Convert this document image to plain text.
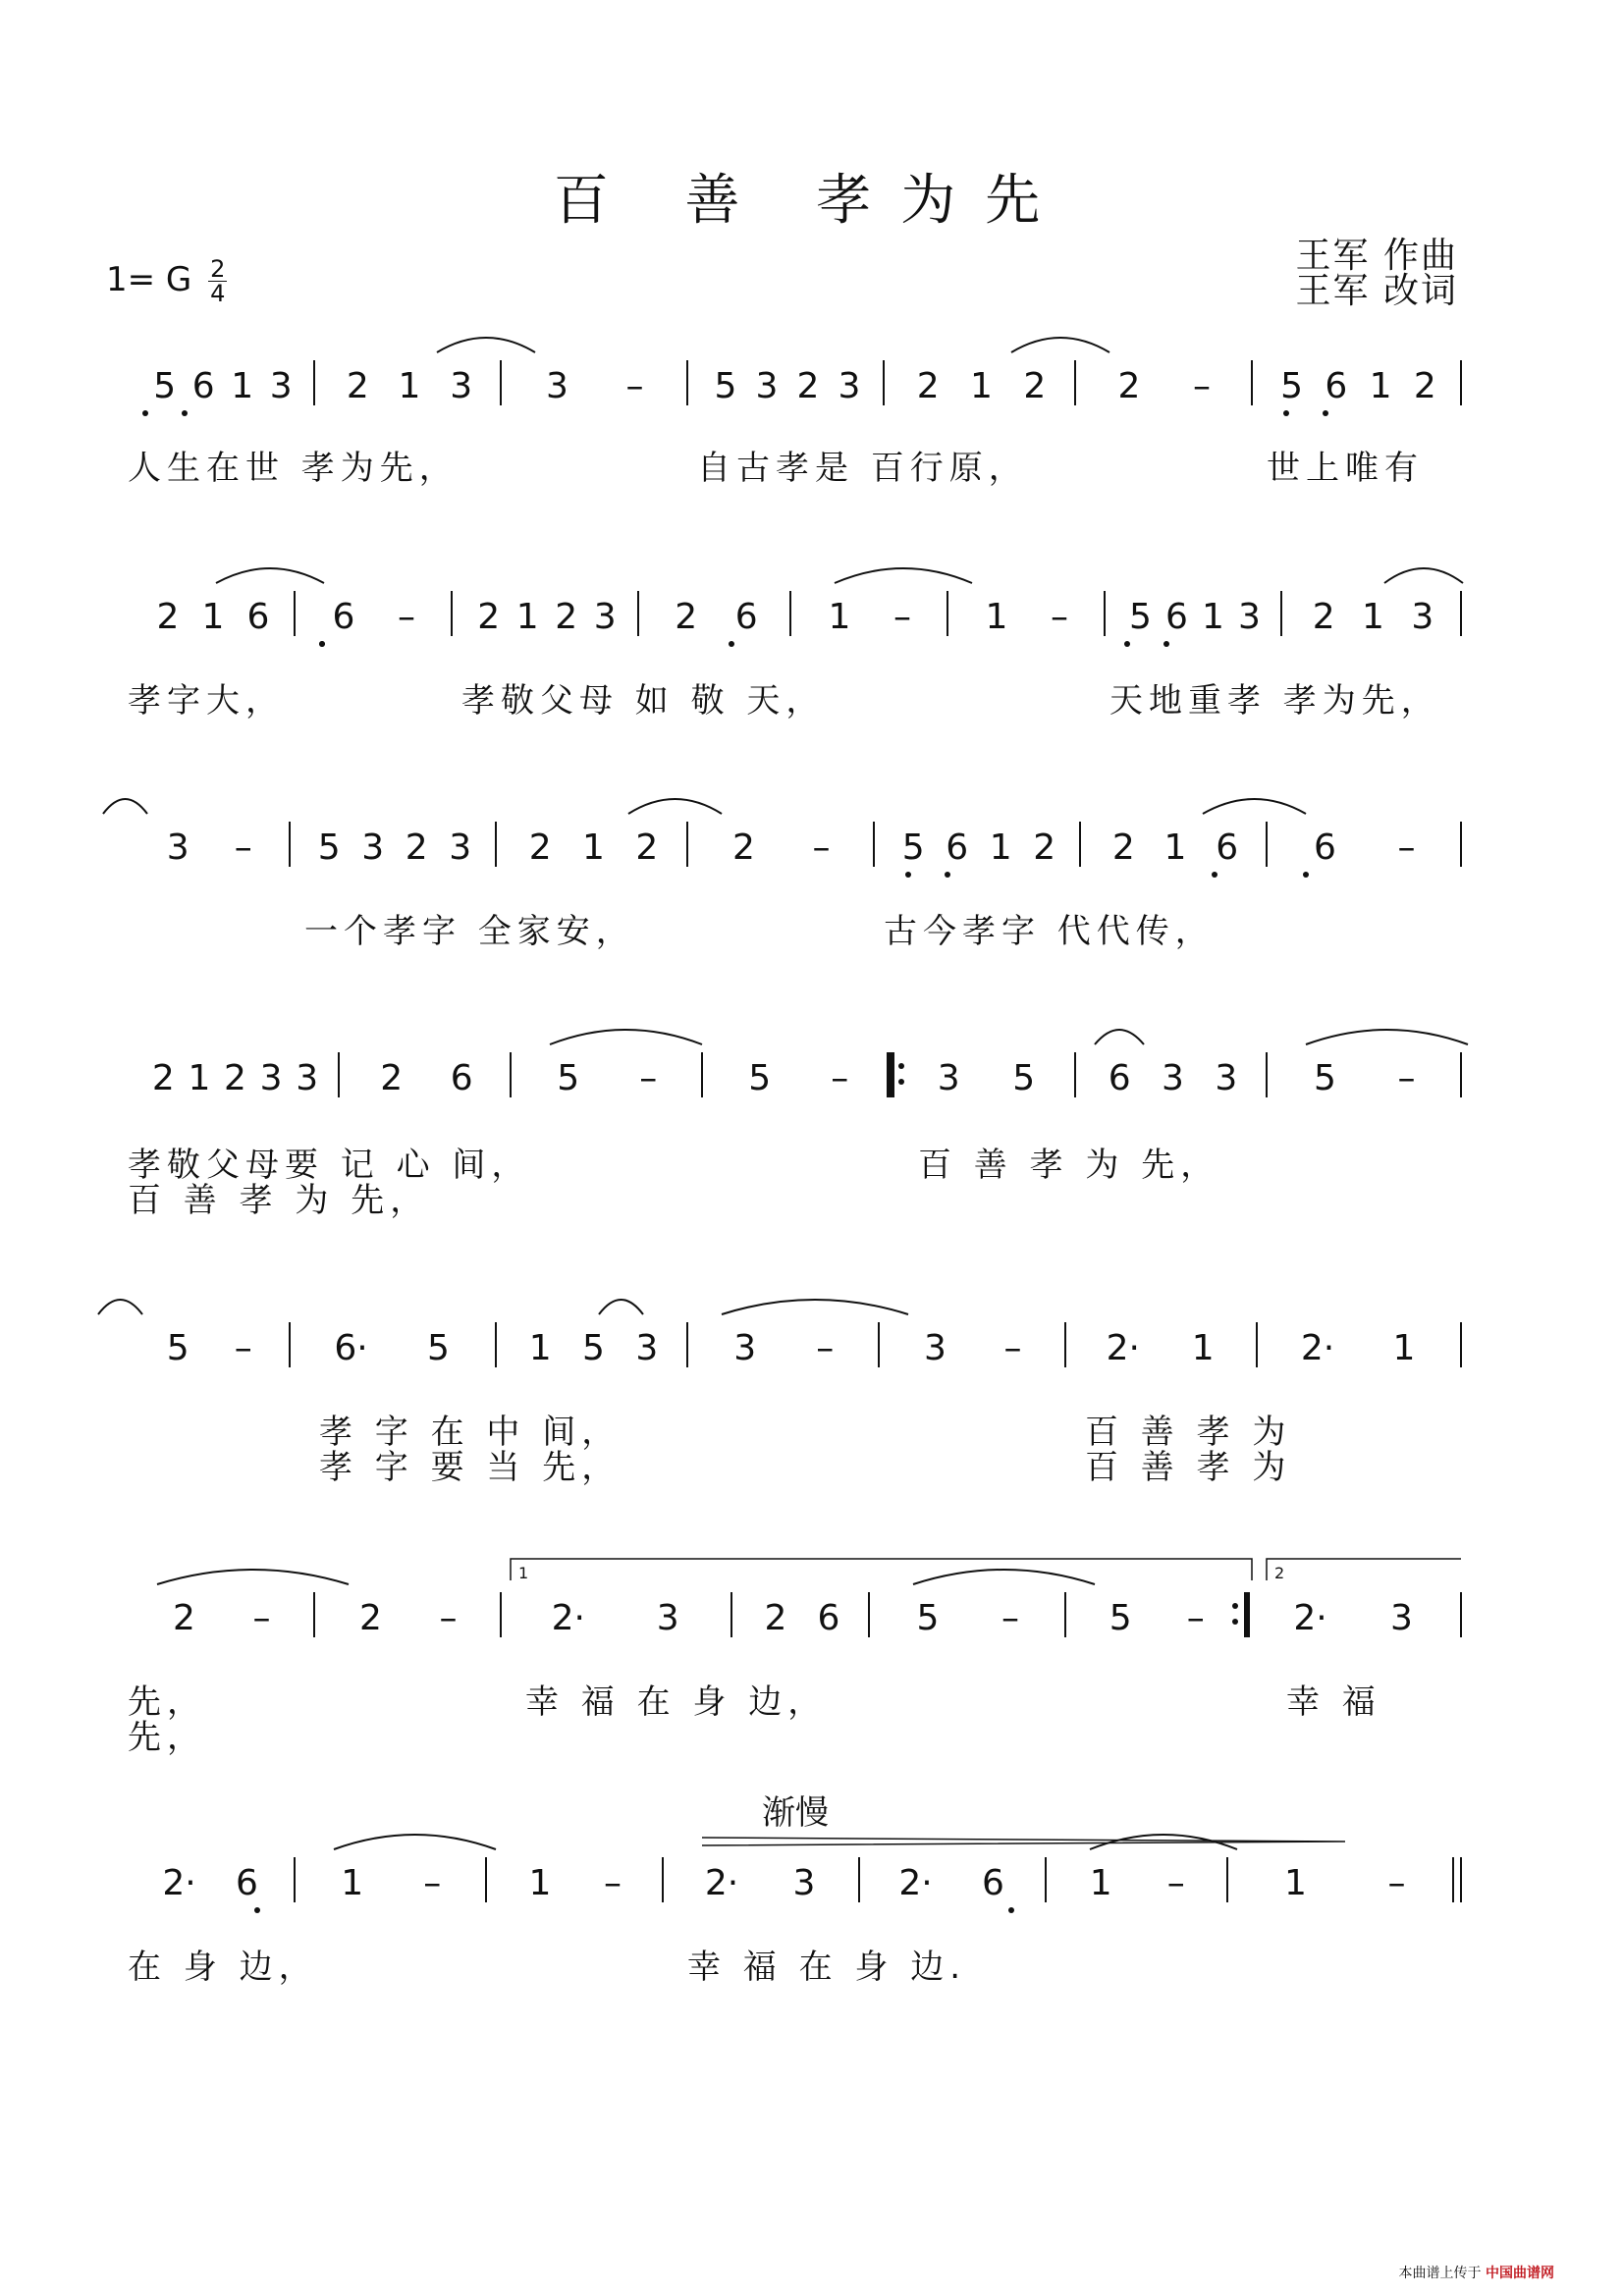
百 善 孝为先
王军 作曲
王军 改词
1= G $\frac{2}{4}$
5 6 1 3 2 1 3 3 – 5 3 2 3 2 1 2 2 – 5 6 1 2
2 1 6 6 – 2 1 2 3 2 6 1 – 1 – 5 6 1 3 2 1 3
3 – 5 3 2 3 2 1 2 2 – 5 6 1 2 2 1 6 6 –
2 1 2 3 3 2 6 5 –	5 –	3 5 6 3 3 5 –
5 – 6· 5 1 5 3 3 –	3 – 2· 1 2· 1
2 –	2 –	2· 3 2 6 5 –	5 –	2· 3
1	2
2· 6 1 – 1 – 2· 3 2· 6 1 –	1 –
人生在世 孝为先，	自古孝是 百行原，	世上唯有
孝字大，	孝敬父母 如 敬 天，	天地重孝 孝为先，
一个孝字 全家安，	古今孝字 代代传，
孝敬父母要 记 心 间，	百 善 孝 为 先，
百 善 孝 为 先，
孝 字 在 中 间，	百 善 孝 为
孝 字 要 当 先，	百 善 孝 为
先，	幸 福 在 身 边，	幸 福
先，
在 身 边，	幸 福 在 身 边.
渐慢
本曲谱上传于 中国曲谱网
